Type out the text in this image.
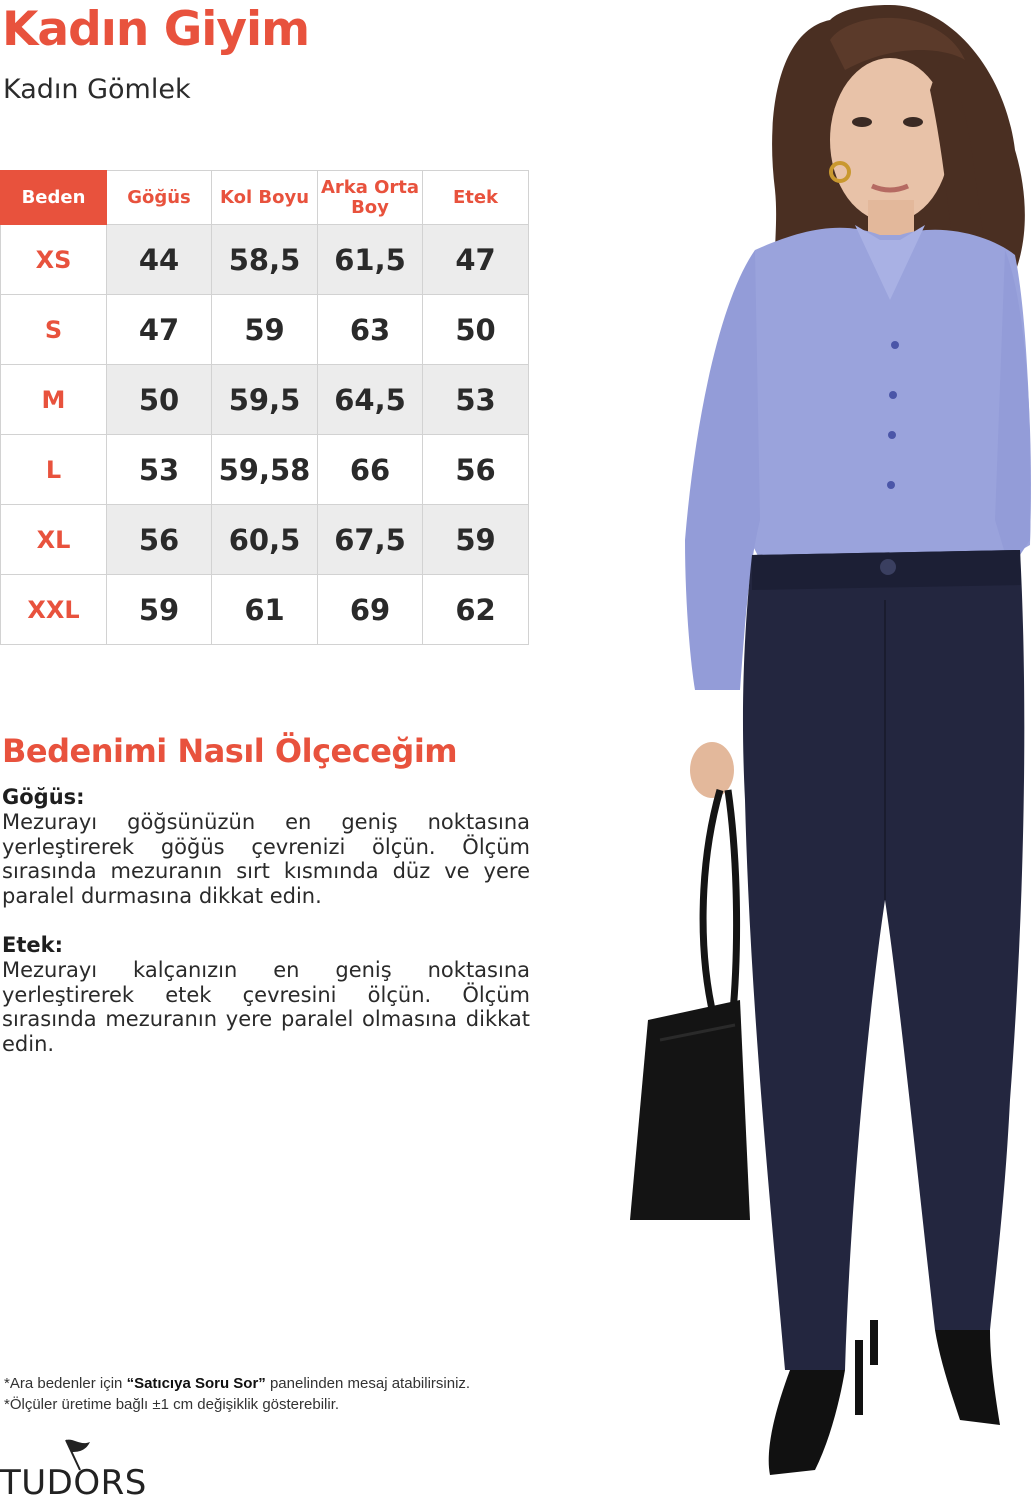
Kadın Giyim
Kadın Gömlek
Beden	Göğüs	Kol Boyu	Arka Orta Boy	Etek
XS	44	58,5	61,5	47
S	47	59	63	50
M	50	59,5	64,5	53
L	53	59,58	66	56
XL	56	60,5	67,5	59
XXL	59	61	69	62
Bedenimi Nasıl Ölçeceğim
Göğüs:

Mezurayı göğsünüzün en geniş noktasına yerleştirerek göğüs çevrenizi ölçün. Ölçüm sırasında mezuranın sırt kısmında düz ve yere paralel durmasına dikkat edin.

Etek:

Mezurayı kalçanızın en geniş noktasına yerleştirerek etek çevresini ölçün. Ölçüm sırasında mezuranın yere paralel olmasına dikkat edin.

*Ara bedenler için “Satıcıya Soru Sor” panelinden mesaj atabilirsiniz.
*Ölçüler üretime bağlı ±1 cm değişiklik gösterebilir.
TUDORS
